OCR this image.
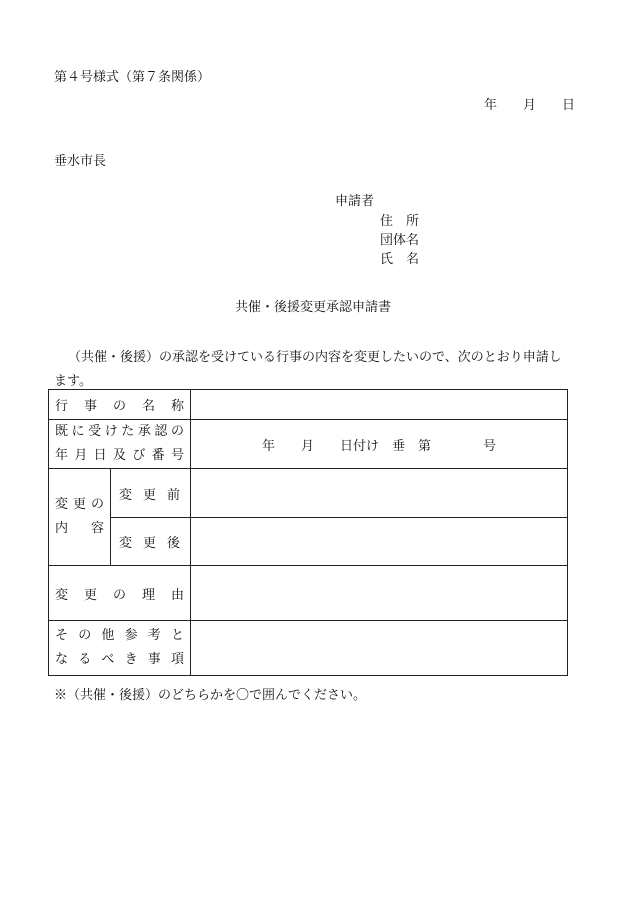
第４号様式（第７条関係）
年　　月　　日
垂水市長
申請者
住　所
団体名
氏　名
共催・後援変更承認申請書
（共催・後援）の承認を受けている行事の内容を変更したいので、次のとおり申請し
ます。
行事の名称		

既に受けた承認の
年月日及び番号		年　　月　　日付け　垂　第　　　　号

変更の
内　容	変更前	

	変更後	

変更の理由		

その他参考と
なるべき事項		

※（共催・後援）のどちらかを〇で囲んでください。
